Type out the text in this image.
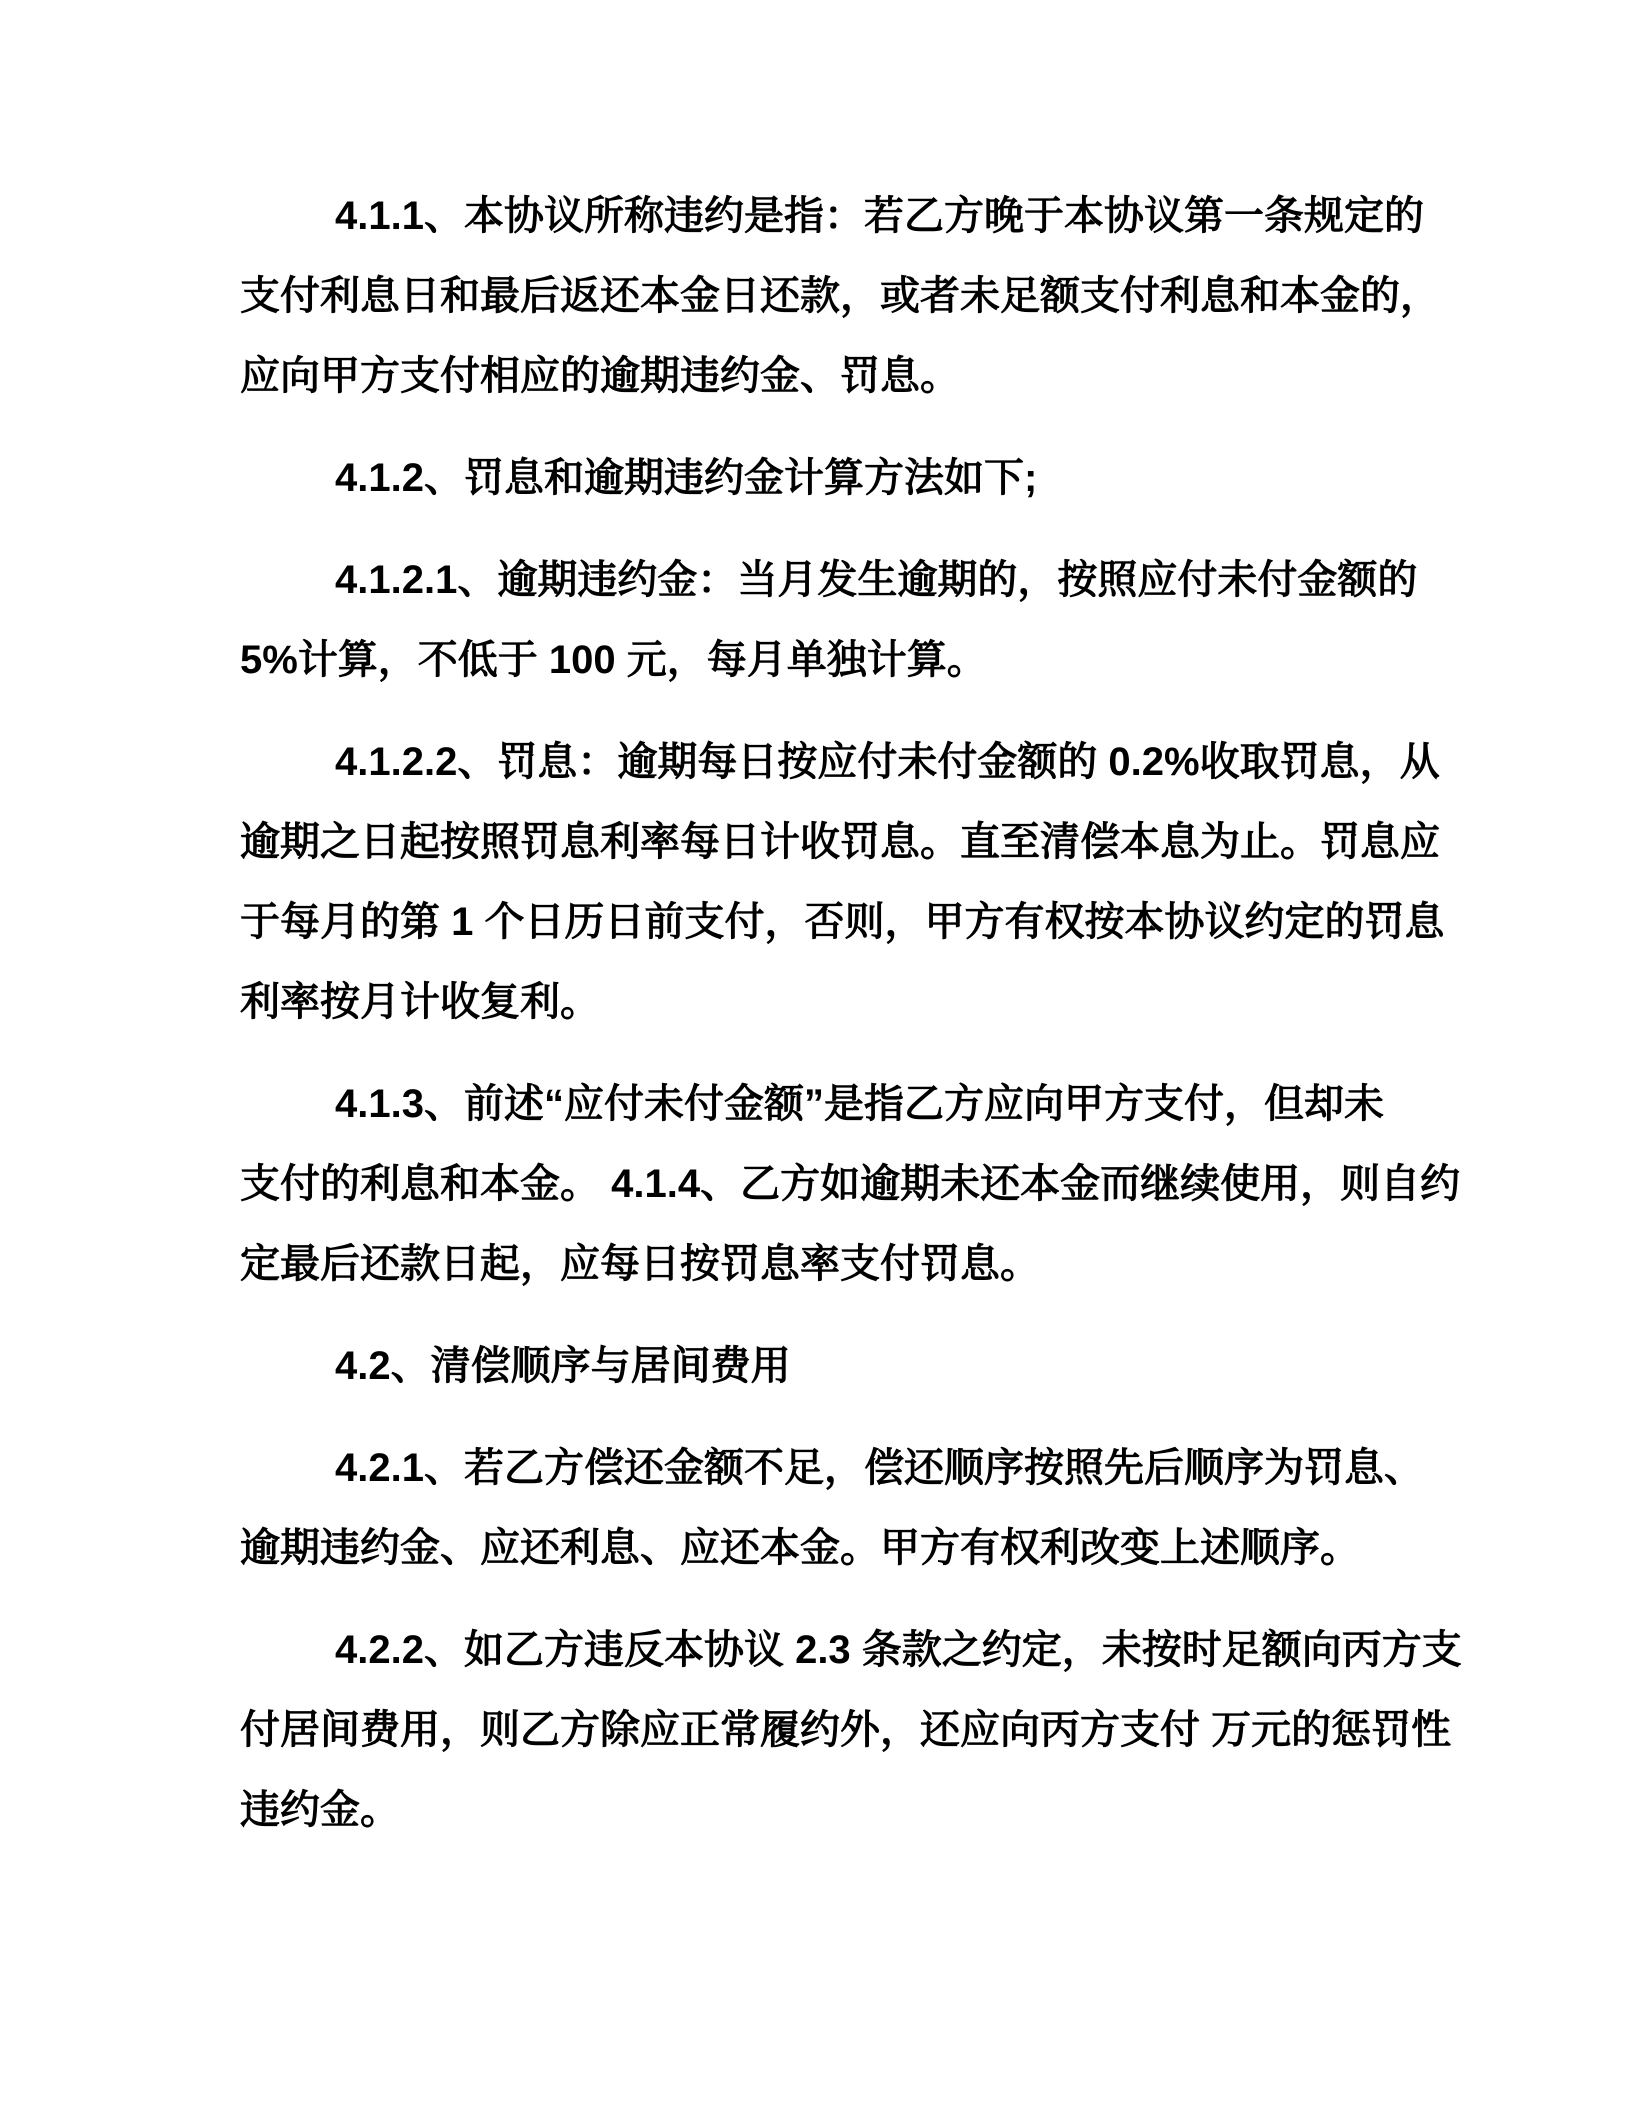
4.1.1、本协议所称违约是指：若乙方晚于本协议第一条规定的
支付利息日和最后返还本金日还款，或者未足额支付利息和本金的，
应向甲方支付相应的逾期违约金、罚息。
4.1.2、罚息和逾期违约金计算方法如下;
4.1.2.1、逾期违约金：当月发生逾期的，按照应付未付金额的
5%计算，不低于 100 元，每月单独计算。
4.1.2.2、罚息：逾期每日按应付未付金额的 0.2%收取罚息，从
逾期之日起按照罚息利率每日计收罚息。直至清偿本息为止。罚息应
于每月的第 1 个日历日前支付，否则，甲方有权按本协议约定的罚息
利率按月计收复利。
4.1.3、前述“应付未付金额”是指乙方应向甲方支付，但却未
支付的利息和本金。 4.1.4、乙方如逾期未还本金而继续使用，则自约
定最后还款日起，应每日按罚息率支付罚息。
4.2、清偿顺序与居间费用
4.2.1、若乙方偿还金额不足，偿还顺序按照先后顺序为罚息、
逾期违约金、应还利息、应还本金。甲方有权利改变上述顺序。
4.2.2、如乙方违反本协议 2.3 条款之约定，未按时足额向丙方支
付居间费用，则乙方除应正常履约外，还应向丙方支付 万元的惩罚性
违约金。
